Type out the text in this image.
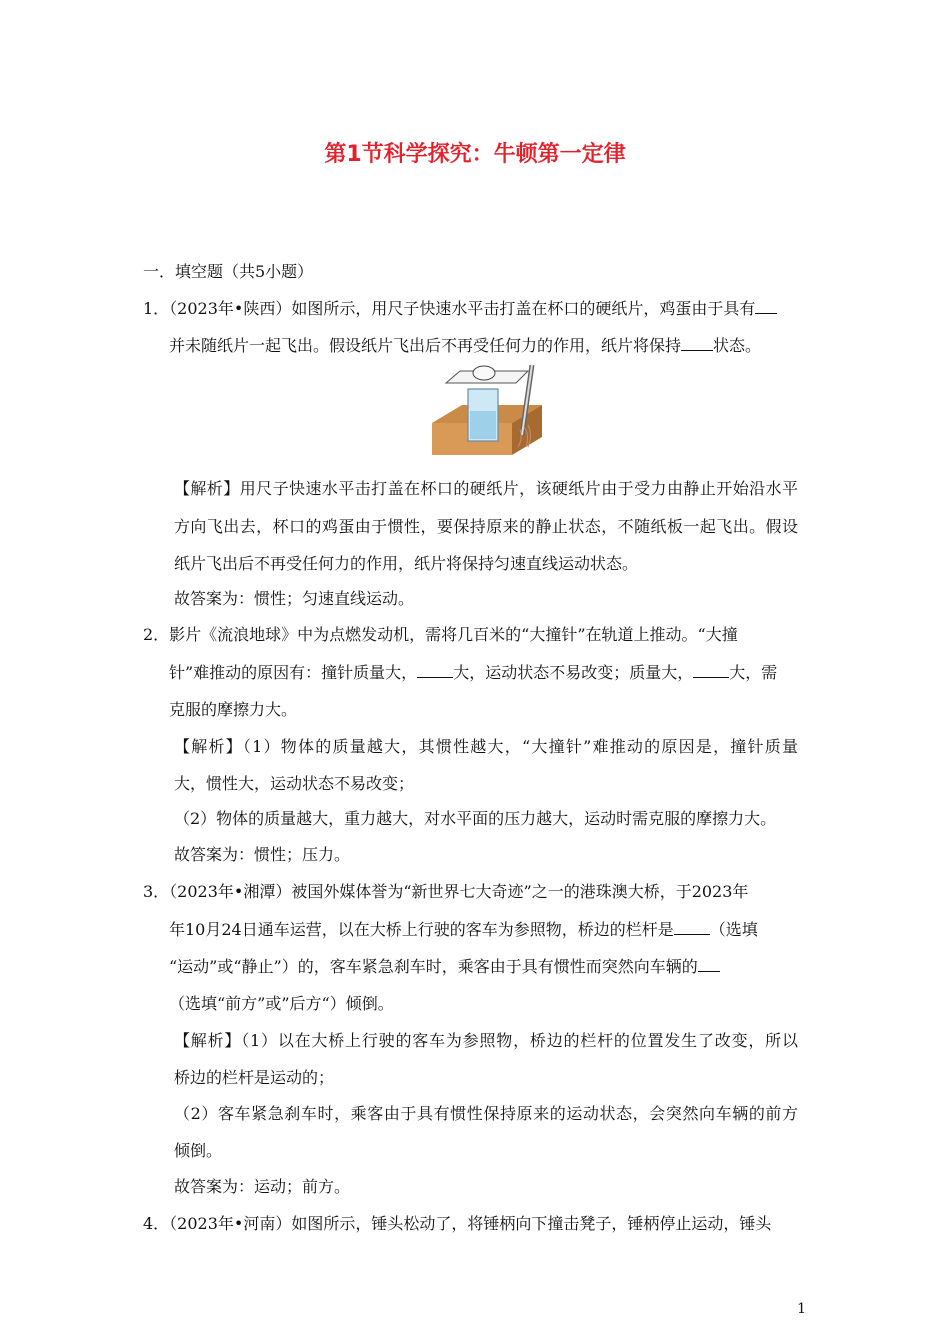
第1节科学探究：牛顿第一定律
一．填空题（共5小题）
1．（2023年•陕西）如图所示，用尺子快速水平击打盖在杯口的硬纸片，鸡蛋由于具有
并未随纸片一起飞出。假设纸片飞出后不再受任何力的作用，纸片将保持 状态。
【解析】用尺子快速水平击打盖在杯口的硬纸片，该硬纸片由于受力由静止开始沿水平
方向飞出去，杯口的鸡蛋由于惯性，要保持原来的静止状态，不随纸板一起飞出。假设
纸片飞出后不再受任何力的作用，纸片将保持匀速直线运动状态。
故答案为：惯性；匀速直线运动。
2．影片《流浪地球》中为点燃发动机，需将几百米的“大撞针”在轨道上推动。“大撞
针”难推动的原因有：撞针质量大， 大，运动状态不易改变；质量大， 大，需
克服的摩擦力大。
【解析】（1）物体的质量越大，其惯性越大，“大撞针”难推动的原因是，撞针质量
大，惯性大，运动状态不易改变；
（2）物体的质量越大，重力越大，对水平面的压力越大，运动时需克服的摩擦力大。
故答案为：惯性；压力。
3．（2023年•湘潭）被国外媒体誉为“新世界七大奇迹”之一的港珠澳大桥，于2023年
年10月24日通车运营，以在大桥上行驶的客车为参照物，桥边的栏杆是 （选填
“运动”或“静止”）的，客车紧急刹车时，乘客由于具有惯性而突然向车辆的
（选填“前方”或”后方“）倾倒。
【解析】（1）以在大桥上行驶的客车为参照物，桥边的栏杆的位置发生了改变，所以
桥边的栏杆是运动的；
（2）客车紧急刹车时，乘客由于具有惯性保持原来的运动状态，会突然向车辆的前方
倾倒。
故答案为：运动；前方。
4．（2023年•河南）如图所示，锤头松动了，将锤柄向下撞击凳子，锤柄停止运动，锤头
1
